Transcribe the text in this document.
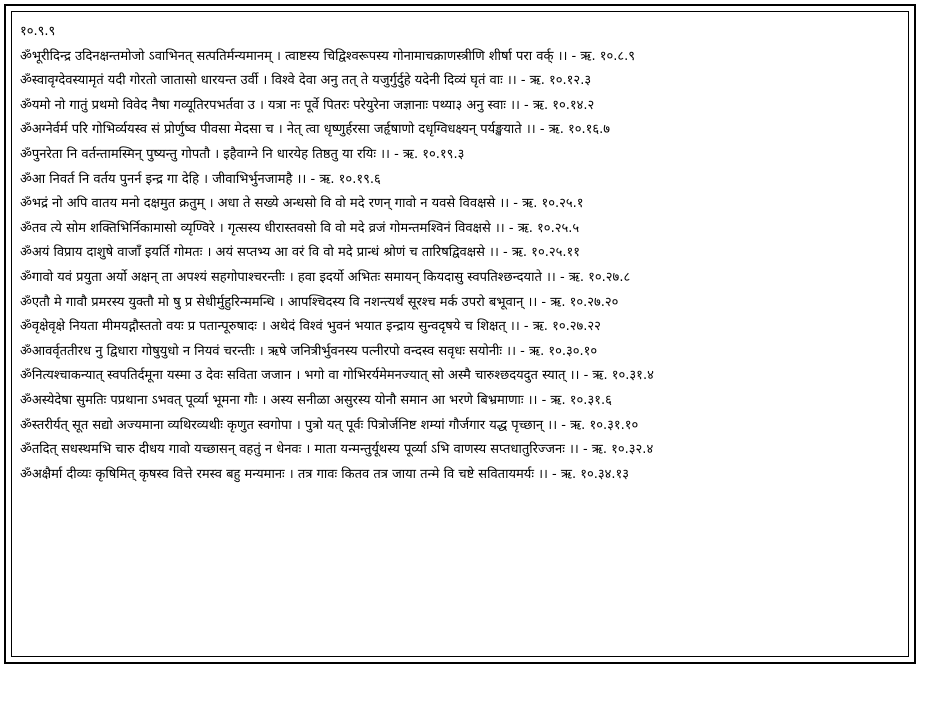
१०.९.९
ॐभूरीदिन्द्र उदिनक्षन्तमोजो ऽवाभिनत् सत्पतिर्मन्यमानम् । त्वाष्टस्य चिद्विश्वरूपस्य गोनामाचक्राणस्त्रीणि शीर्षा परा वर्क् ।। - ऋ. १०.८.९
ॐस्वावृग्देवस्यामृतं यदी गोरतो जातासो धारयन्त उर्वी । विश्वे देवा अनु तत् ते यजुर्गुर्दुहे यदेनी दिव्यं घृतं वाः ।। - ऋ. १०.१२.३
ॐयमो नो गातुं प्रथमो विवेद नैषा गव्यूतिरपभर्तवा उ । यत्रा नः पूर्वे पितरः परेयुरेना जज्ञानाः पथ्या३ अनु स्वाः ।। - ऋ. १०.१४.२
ॐअग्नेर्वर्म परि गोभिर्व्ययस्व सं प्रोर्णुष्व पीवसा मेदसा च । नेत् त्वा धृष्णुर्हरसा जर्हृषाणो दधृग्विधक्ष्यन् पर्यङ्खयाते ।। - ऋ. १०.१६.७
ॐपुनरेता नि वर्तन्तामस्मिन् पुष्यन्तु गोपतौ । इहैवाग्ने नि धारयेह तिष्ठतु या रयिः ।। - ऋ. १०.१९.३
ॐआ निवर्त नि वर्तय पुनर्न इन्द्र गा देहि । जीवाभिर्भुनजामहै ।। - ऋ. १०.१९.६
ॐभद्रं नो अपि वातय मनो दक्षमुत क्रतुम् । अधा ते सख्ये अन्धसो वि वो मदे रणन् गावो न यवसे विवक्षसे ।। - ऋ. १०.२५.१
ॐतव त्ये सोम शक्तिभिर्निकामासो व्यृण्विरे । गृत्सस्य धीरास्तवसो वि वो मदे व्रजं गोमन्तमश्विनं विवक्षसे ।। - ऋ. १०.२५.५
ॐअयं विप्राय दाशुषे वाजाँ इयर्ति गोमतः । अयं सप्तभ्य आ वरं वि वो मदे प्रान्धं श्रोणं च तारिषद्विवक्षसे ।। - ऋ. १०.२५.११
ॐगावो यवं प्रयुता अर्यो अक्षन् ता अपश्यं सहगोपाश्चरन्तीः । हवा इदर्यो अभितः समायन् कियदासु स्वपतिश्छन्दयाते ।। - ऋ. १०.२७.८
ॐएतौ मे गावौ प्रमरस्य युक्तौ मो षु प्र सेधीर्मुहुरिन्ममन्धि । आपश्चिदस्य वि नशन्त्यर्थं सूरश्च मर्क उपरो बभूवान् ।। - ऋ. १०.२७.२०
ॐवृक्षेवृक्षे नियता मीमयद्गौस्ततो वयः प्र पतान्पूरुषादः । अथेदं विश्वं भुवनं भयात इन्द्राय सुन्वदृषये च शिक्षत् ।। - ऋ. १०.२७.२२
ॐआवर्वृततीरध नु द्विधारा गोषुयुधो न नियवं चरन्तीः । ऋषे जनित्रीर्भुवनस्य पत्नीरपो वन्दस्व सवृधः सयोनीः ।। - ऋ. १०.३०.१०
ॐनित्यश्चाकन्यात् स्वपतिर्दमूना यस्मा उ देवः सविता जजान । भगो वा गोभिरर्यमेमनज्यात् सो अस्मै चारुश्छदयदुत स्यात् ।। - ऋ. १०.३१.४
ॐअस्येदेषा सुमतिः पप्रथाना ऽभवत् पूर्व्या भूमना गौः । अस्य सनीळा असुरस्य योनौ समान आ भरणे बिभ्रमाणाः ।। - ऋ. १०.३१.६
ॐस्तरीर्यत् सूत सद्यो अज्यमाना व्यथिरव्यथीः कृणुत स्वगोपा । पुत्रो यत् पूर्वः पित्रोर्जनिष्ट शम्यां गौर्जगार यद्ध पृच्छान् ।। - ऋ. १०.३१.१०
ॐतदित् सधस्थमभि चारु दीधय गावो यच्छासन् वहतुं न धेनवः । माता यन्मन्तुर्यूथस्य पूर्व्या ऽभि वाणस्य सप्तधातुरिज्जनः ।। - ऋ. १०.३२.४
ॐअक्षैर्मा दीव्यः कृषिमित् कृषस्व वित्ते रमस्व बहु मन्यमानः । तत्र गावः कितव तत्र जाया तन्मे वि चष्टे सवितायमर्यः ।। - ऋ. १०.३४.१३
